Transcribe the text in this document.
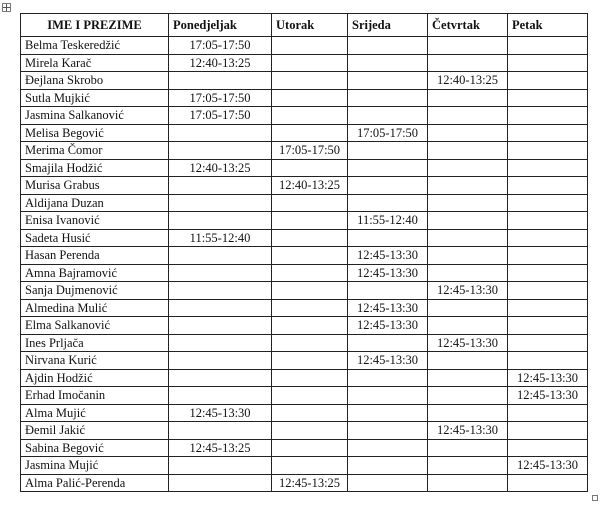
IME I PREZIME	Ponedjeljak	Utorak	Srijeda	Četvrtak	Petak
Belma Teskeredžić	17:05-17:50				
Mirela Karač	12:40-13:25				
Đejlana Skrobo				12:40-13:25	
Sutla Mujkić	17:05-17:50				
Jasmina Salkanović	17:05-17:50				
Melisa Begović			17:05-17:50		
Merima Čomor		17:05-17:50			
Smajila Hodžić	12:40-13:25				
Murisa Grabus		12:40-13:25			
Aldijana Duzan					
Enisa Ivanović			11:55-12:40		
Sadeta Husić	11:55-12:40				
Hasan Perenda			12:45-13:30		
Amna Bajramović			12:45-13:30		
Sanja Dujmenović				12:45-13:30	
Almedina Mulić			12:45-13:30		
Elma Salkanović			12:45-13:30		
Ines Prljača				12:45-13:30	
Nirvana Kurić			12:45-13:30		
Ajdin Hodžić					12:45-13:30
Erhad Imočanin					12:45-13:30
Alma Mujić	12:45-13:30				
Đemil Jakić				12:45-13:30	
Sabina Begović	12:45-13:25				
Jasmina Mujić					12:45-13:30
Alma Palić-Perenda		12:45-13:25			
